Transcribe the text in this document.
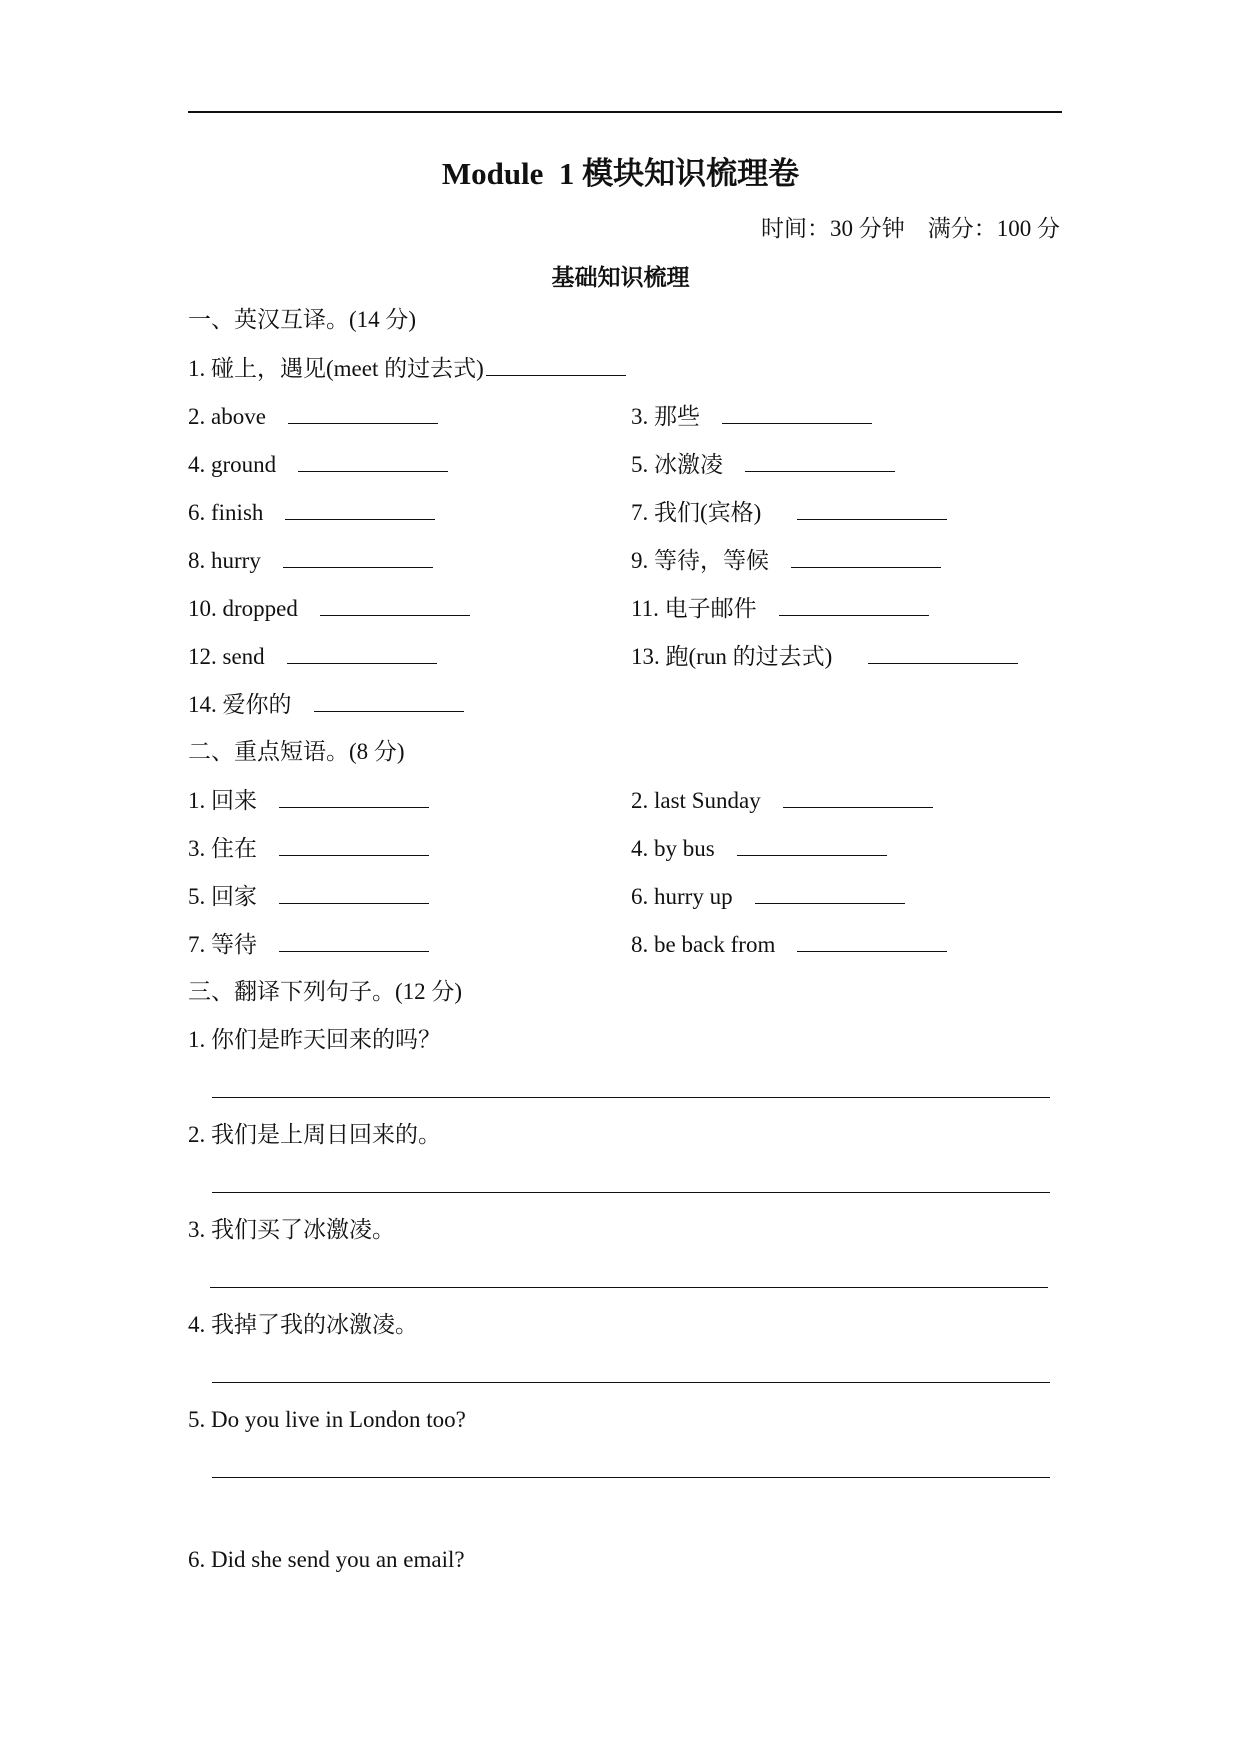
Module  1 模块知识梳理卷
时间：30 分钟    满分：100 分
基础知识梳理
一、英汉互译。(14 分)
1. 碰上，遇见(meet 的过去式)
2. above	3. 那些
4. ground	5. 冰激凌
6. finish	7. 我们(宾格)
8. hurry	9. 等待，等候
10. dropped	11. 电子邮件
12. send	13. 跑(run 的过去式)
14. 爱你的
二、重点短语。(8 分)
1. 回来	2. last Sunday
3. 住在	4. by bus
5. 回家	6. hurry up
7. 等待	8. be back from
三、翻译下列句子。(12 分)
1. 你们是昨天回来的吗？
2. 我们是上周日回来的。
3. 我们买了冰激凌。
4. 我掉了我的冰激凌。
5. Do you live in London too?
6. Did she send you an email?
